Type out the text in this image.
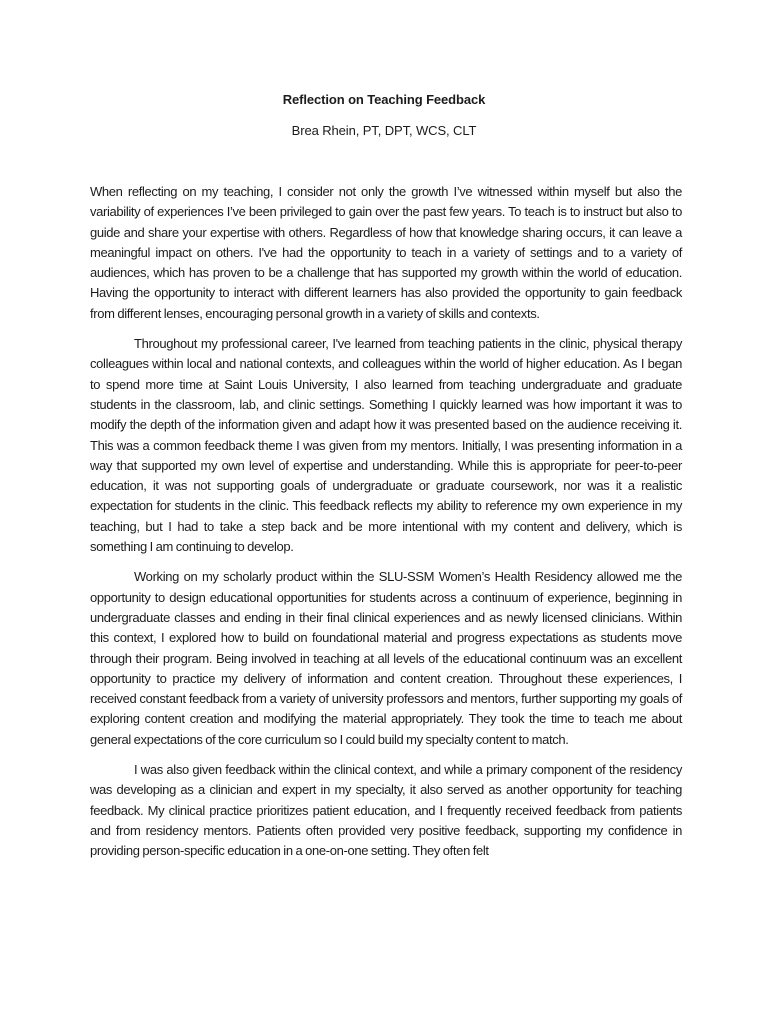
Reflection on Teaching Feedback
Brea Rhein, PT, DPT, WCS, CLT

When reflecting on my teaching, I consider not only the growth I’ve witnessed within myself but also the variability of experiences I’ve been privileged to gain over the past few years. To teach is to instruct but also to guide and share your expertise with others. Regardless of how that knowledge sharing occurs, it can leave a meaningful impact on others. I've had the opportunity to teach in a variety of settings and to a variety of audiences, which has proven to be a challenge that has supported my growth within the world of education. Having the opportunity to interact with different learners has also provided the opportunity to gain feedback from different lenses, encouraging personal growth in a variety of skills and contexts.

Throughout my professional career, I've learned from teaching patients in the clinic, physical therapy colleagues within local and national contexts, and colleagues within the world of higher education. As I began to spend more time at Saint Louis University, I also learned from teaching undergraduate and graduate students in the classroom, lab, and clinic settings. Something I quickly learned was how important it was to modify the depth of the information given and adapt how it was presented based on the audience receiving it. This was a common feedback theme I was given from my mentors. Initially, I was presenting information in a way that supported my own level of expertise and understanding. While this is appropriate for peer-to-peer education, it was not supporting goals of undergraduate or graduate coursework, nor was it a realistic expectation for students in the clinic. This feedback reflects my ability to reference my own experience in my teaching, but I had to take a step back and be more intentional with my content and delivery, which is something I am continuing to develop.

Working on my scholarly product within the SLU-SSM Women’s Health Residency allowed me the opportunity to design educational opportunities for students across a continuum of experience, beginning in undergraduate classes and ending in their final clinical experiences and as newly licensed clinicians. Within this context, I explored how to build on foundational material and progress expectations as students move through their program. Being involved in teaching at all levels of the educational continuum was an excellent opportunity to practice my delivery of information and content creation. Throughout these experiences, I received constant feedback from a variety of university professors and mentors, further supporting my goals of exploring content creation and modifying the material appropriately. They took the time to teach me about general expectations of the core curriculum so I could build my specialty content to match.

I was also given feedback within the clinical context, and while a primary component of the residency was developing as a clinician and expert in my specialty, it also served as another opportunity for teaching feedback. My clinical practice prioritizes patient education, and I frequently received feedback from patients and from residency mentors. Patients often provided very positive feedback, supporting my confidence in providing person-specific education in a one-on-one setting. They often felt
